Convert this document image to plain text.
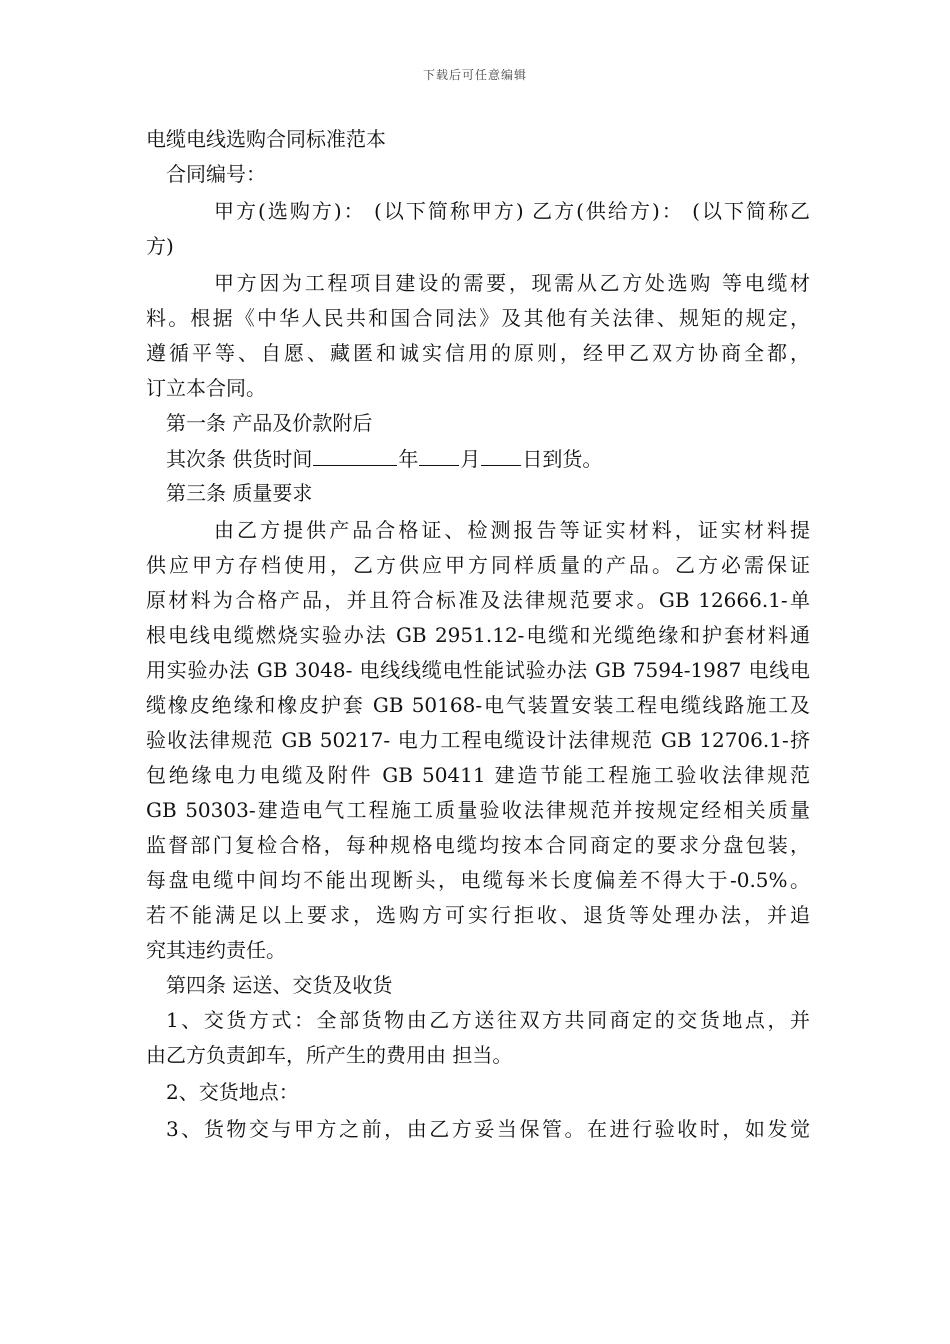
下载后可任意编辑

电缆电线选购合同标准范本

合同编号：

甲方(选购方)： (以下简称甲方) 乙方(供给方)： (以下简称乙

方)

甲方因为工程项目建设的需要，现需从乙方处选购 等电缆材

料。根据《中华人民共和国合同法》及其他有关法律、规矩的规定，

遵循平等、自愿、藏匿和诚实信用的原则，经甲乙双方协商全都，

订立本合同。

第一条 产品及价款附后

其次条 供货时间	年 月 日到货。

第三条 质量要求

由乙方提供产品合格证、检测报告等证实材料，证实材料提

供应甲方存档使用，乙方供应甲方同样质量的产品。乙方必需保证

原材料为合格产品，并且符合标准及法律规范要求。GB 12666.1-单

根电线电缆燃烧实验办法 GB 2951.12-电缆和光缆绝缘和护套材料通

用实验办法 GB 3048- 电线线缆电性能试验办法 GB 7594-1987 电线电

缆橡皮绝缘和橡皮护套 GB 50168-电气装置安装工程电缆线路施工及

验收法律规范 GB 50217- 电力工程电缆设计法律规范 GB 12706.1-挤

包绝缘电力电缆及附件 GB 50411 建造节能工程施工验收法律规范

GB 50303-建造电气工程施工质量验收法律规范并按规定经相关质量

监督部门复检合格，每种规格电缆均按本合同商定的要求分盘包装，

每盘电缆中间均不能出现断头，电缆每米长度偏差不得大于-0.5%。

若不能满足以上要求，选购方可实行拒收、退货等处理办法，并追

究其违约责任。

第四条 运送、交货及收货

1、交货方式：全部货物由乙方送往双方共同商定的交货地点，并

由乙方负责卸车，所产生的费用由 担当。

2、交货地点：

3、货物交与甲方之前，由乙方妥当保管。在进行验收时，如发觉
